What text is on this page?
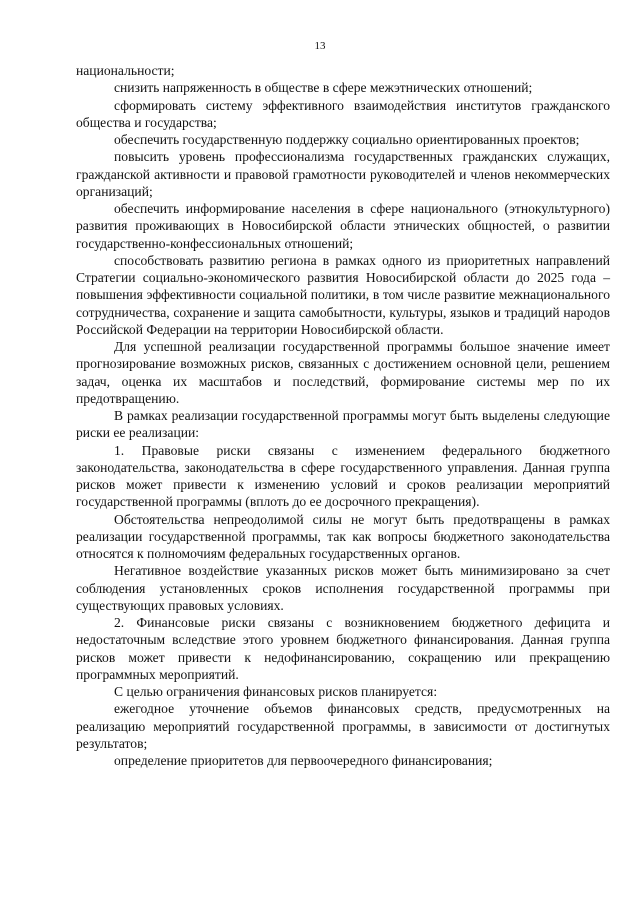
13

национальности;

снизить напряженность в обществе в сфере межэтнических отношений;

сформировать систему эффективного взаимодействия институтов гражданского общества и государства;

обеспечить государственную поддержку социально ориентированных проектов;

повысить уровень профессионализма государственных гражданских служащих, гражданской активности и правовой грамотности руководителей и членов некоммерческих организаций;

обеспечить информирование населения в сфере национального (этнокультурного) развития проживающих в Новосибирской области этнических общностей, о развитии государственно-конфессиональных отношений;

способствовать развитию региона в рамках одного из приоритетных направлений Стратегии социально-экономического развития Новосибирской области до 2025 года – повышения эффективности социальной политики, в том числе развитие межнационального сотрудничества, сохранение и защита самобытности, культуры, языков и традиций народов Российской Федерации на территории Новосибирской области.

Для успешной реализации государственной программы большое значение имеет прогнозирование возможных рисков, связанных с достижением основной цели, решением задач, оценка их масштабов и последствий, формирование системы мер по их предотвращению.

В рамках реализации государственной программы могут быть выделены следующие риски ее реализации:

1. Правовые риски связаны с изменением федерального бюджетного законодательства, законодательства в сфере государственного управления. Данная группа рисков может привести к изменению условий и сроков реализации мероприятий государственной программы (вплоть до ее досрочного прекращения).

Обстоятельства непреодолимой силы не могут быть предотвращены в рамках реализации государственной программы, так как вопросы бюджетного законодательства относятся к полномочиям федеральных государственных органов.

Негативное воздействие указанных рисков может быть минимизировано за счет соблюдения установленных сроков исполнения государственной программы при существующих правовых условиях.

2. Финансовые риски связаны с возникновением бюджетного дефицита и недостаточным вследствие этого уровнем бюджетного финансирования. Данная группа рисков может привести к недофинансированию, сокращению или прекращению программных мероприятий.

С целью ограничения финансовых рисков планируется:

ежегодное уточнение объемов финансовых средств, предусмотренных на реализацию мероприятий государственной программы, в зависимости от достигнутых результатов;

определение приоритетов для первоочередного финансирования;
